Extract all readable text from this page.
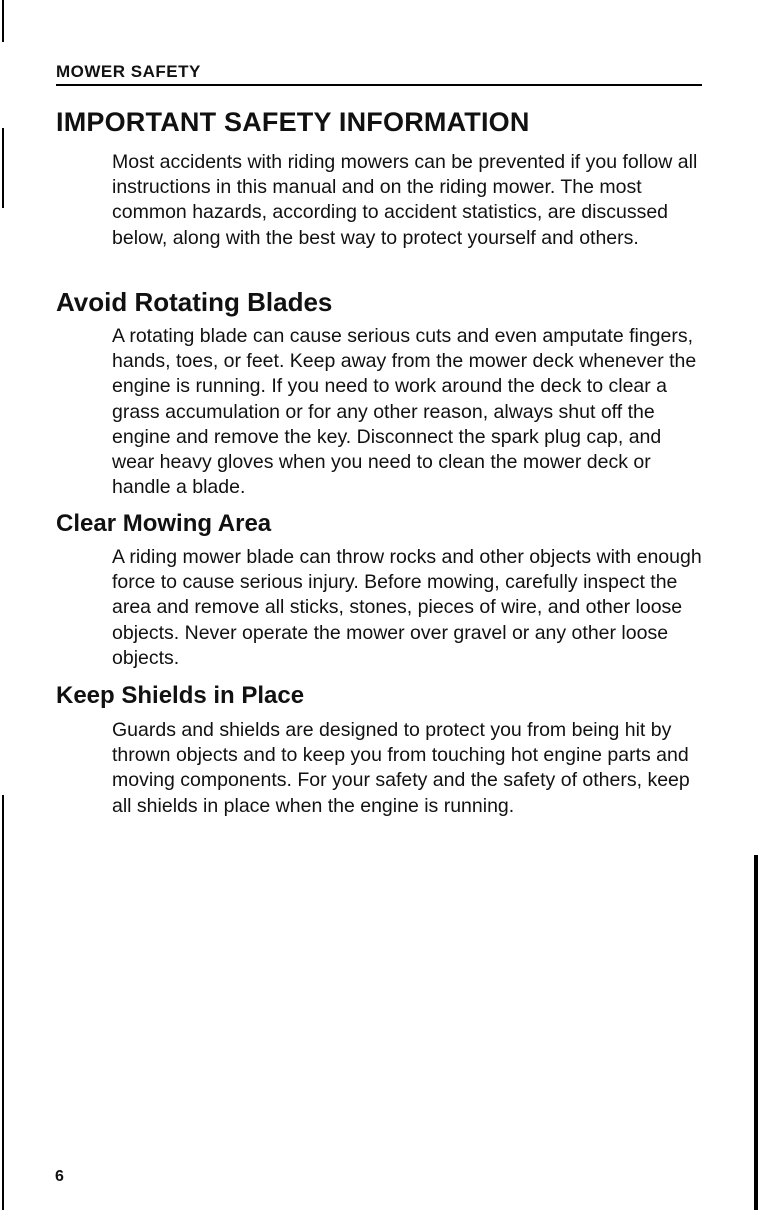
MOWER SAFETY
IMPORTANT SAFETY INFORMATION

Most accidents with riding mowers can be prevented if you follow all instructions in this manual and on the riding mower. The most common hazards, according to accident statistics, are discussed below, along with the best way to protect yourself and others.

Avoid Rotating Blades

A rotating blade can cause serious cuts and even amputate fingers, hands, toes, or feet. Keep away from the mower deck whenever the engine is running. If you need to work around the deck to clear a grass accumulation or for any other reason, always shut off the engine and remove the key. Disconnect the spark plug cap, and wear heavy gloves when you need to clean the mower deck or handle a blade.

Clear Mowing Area

A riding mower blade can throw rocks and other objects with enough force to cause serious injury. Before mowing, carefully inspect the area and remove all sticks, stones, pieces of wire, and other loose objects. Never operate the mower over gravel or any other loose objects.

Keep Shields in Place

Guards and shields are designed to protect you from being hit by thrown objects and to keep you from touching hot engine parts and moving components. For your safety and the safety of others, keep all shields in place when the engine is running.

6
